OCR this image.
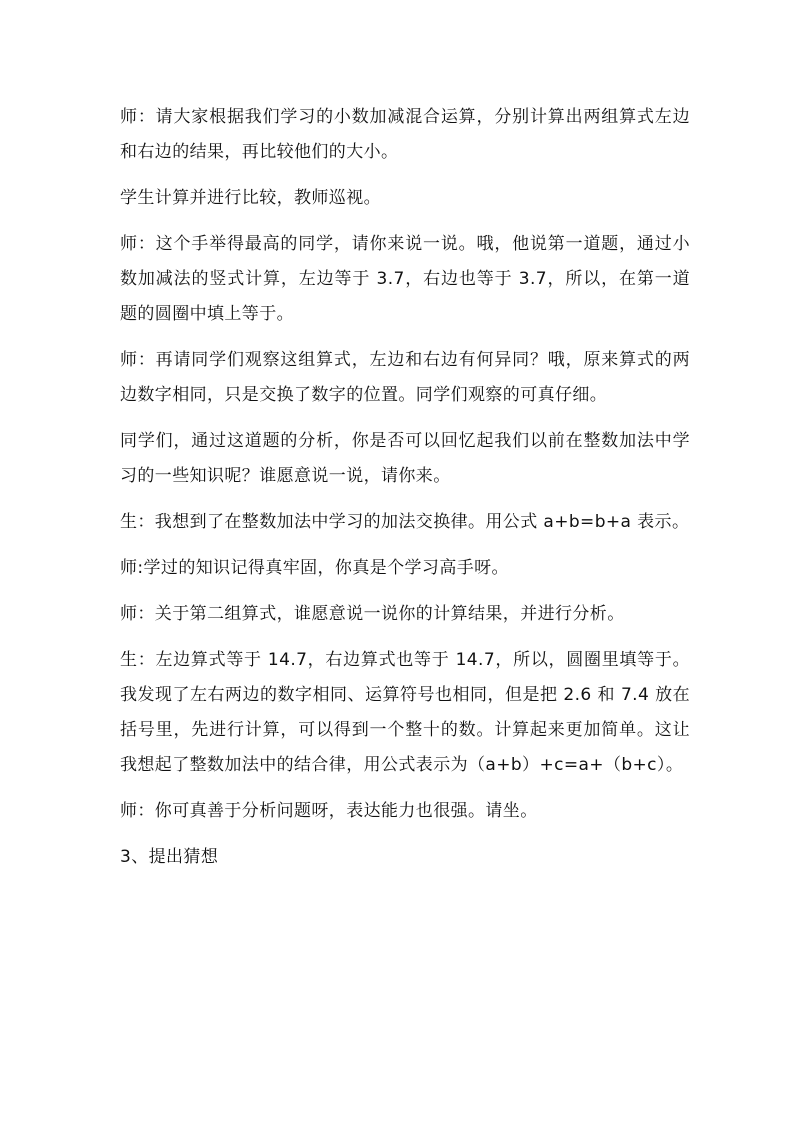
师：请大家根据我们学习的小数加减混合运算，分别计算出两组算式左边和右边的结果，再比较他们的大小。

学生计算并进行比较，教师巡视。

师：这个手举得最高的同学，请你来说一说。哦，他说第一道题，通过小数加减法的竖式计算，左边等于 3.7，右边也等于 3.7，所以，在第一道题的圆圈中填上等于。

师：再请同学们观察这组算式，左边和右边有何异同？哦，原来算式的两边数字相同，只是交换了数字的位置。同学们观察的可真仔细。

同学们，通过这道题的分析，你是否可以回忆起我们以前在整数加法中学习的一些知识呢？谁愿意说一说，请你来。

生：我想到了在整数加法中学习的加法交换律。用公式 a+b=b+a 表示。

师:学过的知识记得真牢固，你真是个学习高手呀。

师：关于第二组算式，谁愿意说一说你的计算结果，并进行分析。

生：左边算式等于 14.7，右边算式也等于 14.7，所以，圆圈里填等于。我发现了左右两边的数字相同、运算符号也相同，但是把 2.6 和 7.4 放在括号里，先进行计算，可以得到一个整十的数。计算起来更加简单。这让我想起了整数加法中的结合律，用公式表示为（a+b）+c=a+（b+c）。

师：你可真善于分析问题呀，表达能力也很强。请坐。

3、提出猜想
